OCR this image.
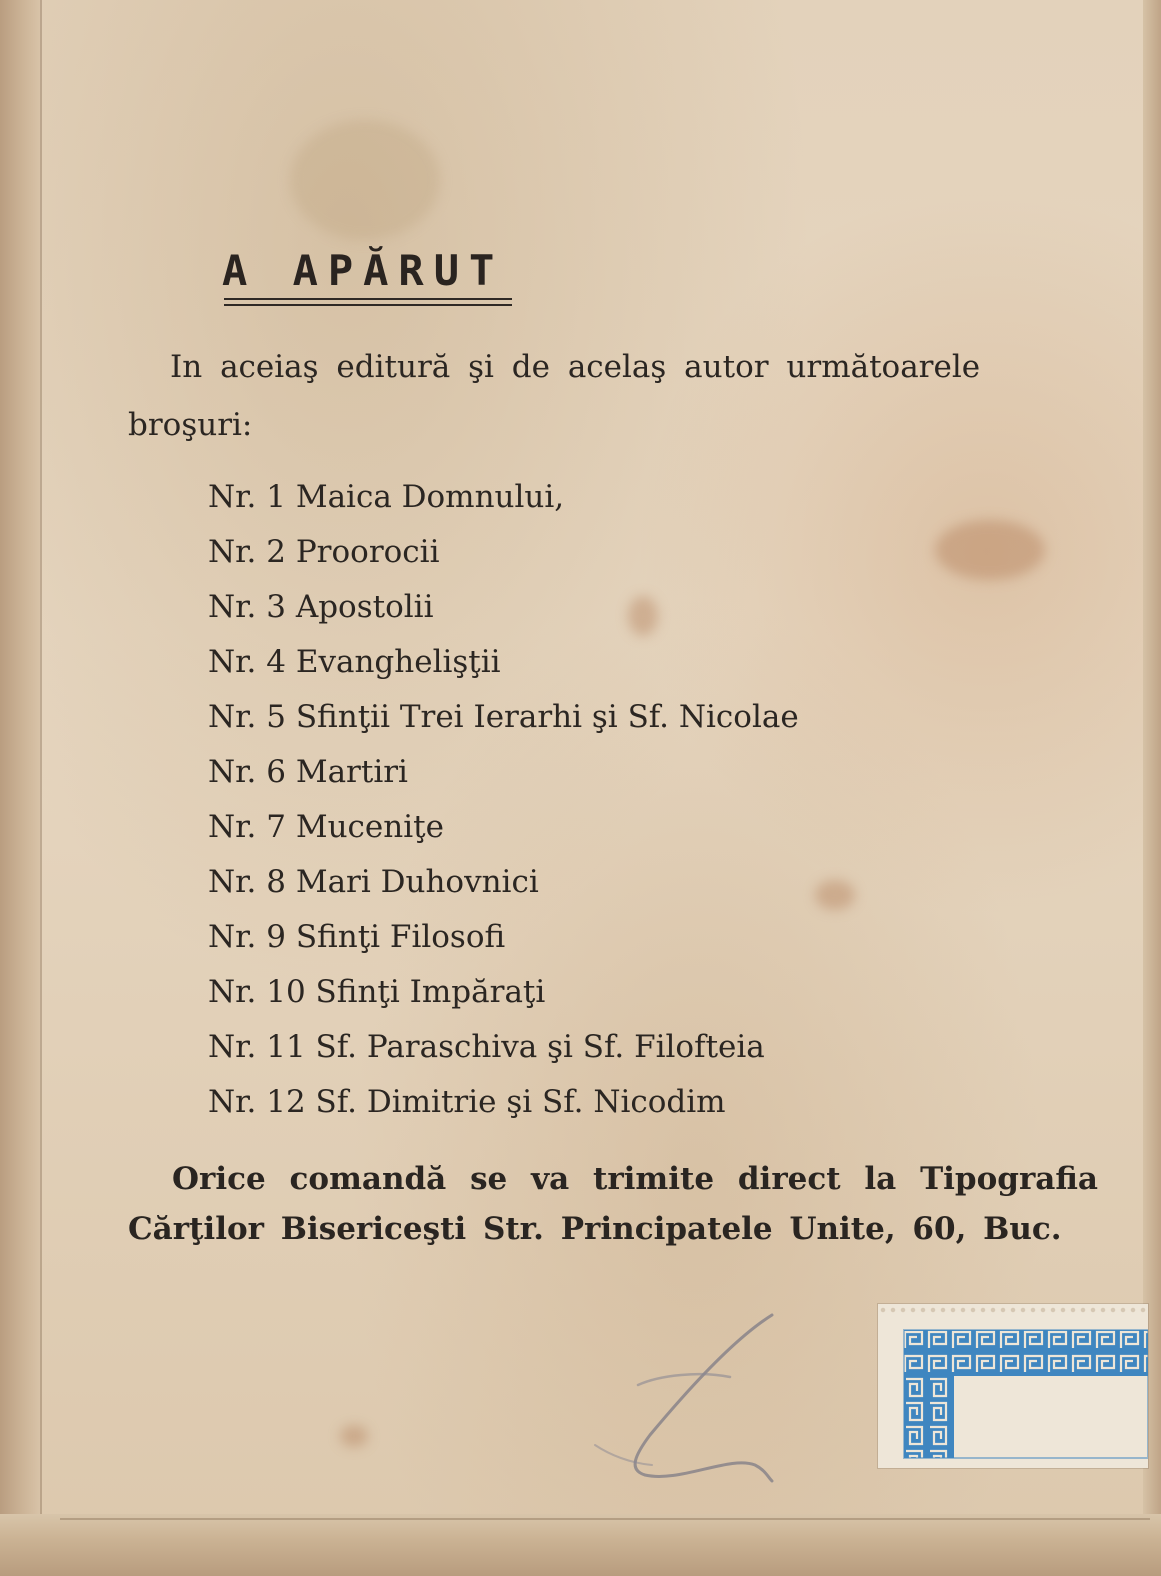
A APĂRUT

In aceiaş editură şi de acelaş autor următoarele broşuri:

Nr. 1 Maica Domnului,
Nr. 2 Proorocii
Nr. 3 Apostolii
Nr. 4 Evanghelişţii
Nr. 5 Sfinţii Trei Ierarhi şi Sf. Nicolae
Nr. 6 Martiri
Nr. 7 Muceniţe
Nr. 8 Mari Duhovnici
Nr. 9 Sfinţi Filosofi
Nr. 10 Sfinţi Impăraţi
Nr. 11 Sf. Paraschiva şi Sf. Filofteia
Nr. 12 Sf. Dimitrie şi Sf. Nicodim

Orice comandă se va trimite direct la Tipografia Cărţilor Bisericeşti Str. Principatele Unite, 60, Buc.
